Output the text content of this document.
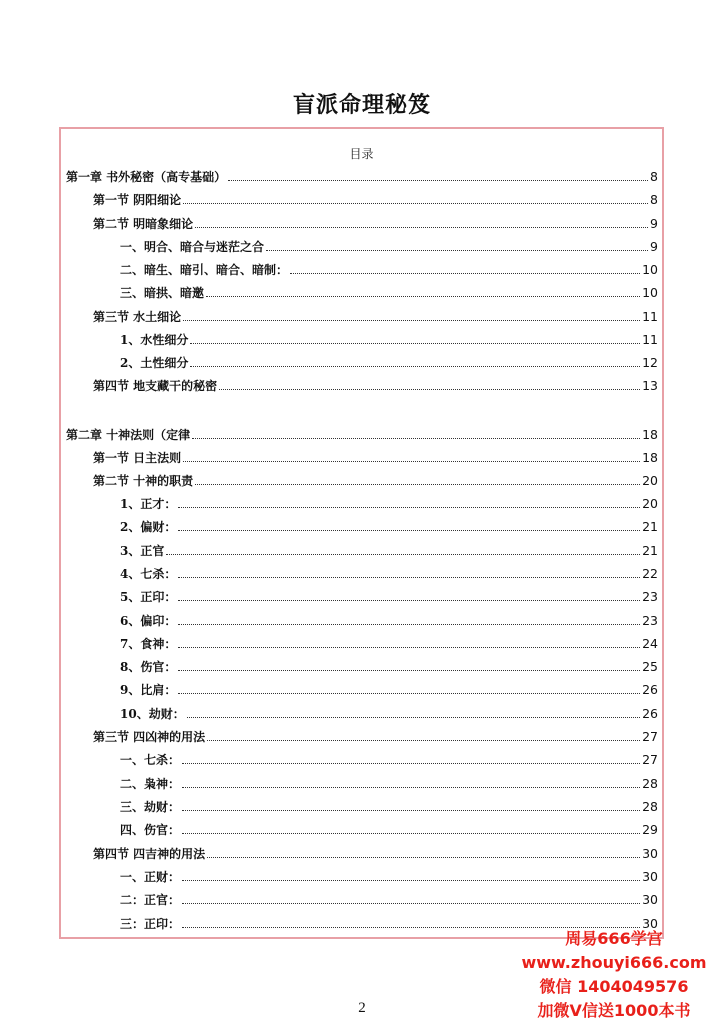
盲派命理秘笈
目录
第一章 书外秘密（高专基础）	8
第一节 阴阳细论	8
第二节 明暗象细论	9
一、明合、暗合与迷茫之合	9
二、暗生、暗引、暗合、暗制：	10
三、暗拱、暗邀	10
第三节 水土细论	11
1、水性细分	11
2、土性细分	12
第四节 地支藏干的秘密	13
第二章 十神法则（定律	18
第一节 日主法则	18
第二节 十神的职责	20
1、正才：	20
2、偏财：	21
3、正官	21
4、七杀：	22
5、正印：	23
6、偏印：	23
7、食神：	24
8、伤官：	25
9、比肩：	26
10、劫财：	26
第三节 四凶神的用法	27
一、七杀：	27
二、枭神：	28
三、劫财：	28
四、伤官：	29
第四节 四吉神的用法	30
一、正财：	30
二：正官：	30
三：正印：	30
2
周易666学宫
www.zhouyi666.com
微信 1404049576
加微V信送1000本书
